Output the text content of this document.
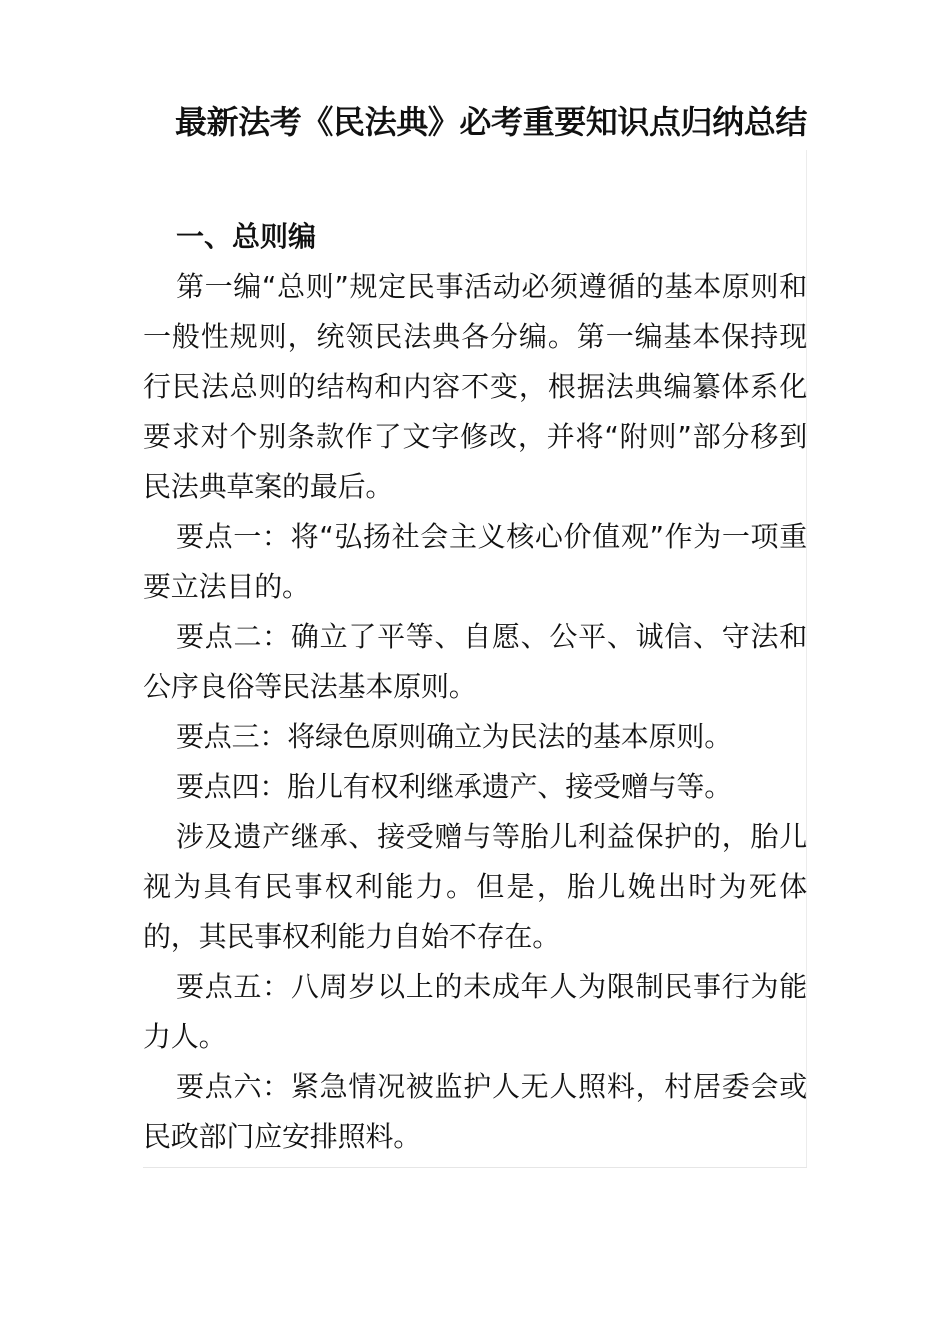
最新法考《民法典》必考重要知识点归纳总结
一、总则编

第一编“总则”规定民事活动必须遵循的基本原则和一般性规则，统领民法典各分编。第一编基本保持现行民法总则的结构和内容不变，根据法典编纂体系化要求对个别条款作了文字修改，并将“附则”部分移到民法典草案的最后。

要点一：将“弘扬社会主义核心价值观”作为一项重要立法目的。

要点二：确立了平等、自愿、公平、诚信、守法和公序良俗等民法基本原则。

要点三：将绿色原则确立为民法的基本原则。

要点四：胎儿有权利继承遗产、接受赠与等。

涉及遗产继承、接受赠与等胎儿利益保护的，胎儿视为具有民事权利能力。但是，胎儿娩出时为死体的，其民事权利能力自始不存在。

要点五：八周岁以上的未成年人为限制民事行为能力人。

要点六：紧急情况被监护人无人照料，村居委会或民政部门应安排照料。
